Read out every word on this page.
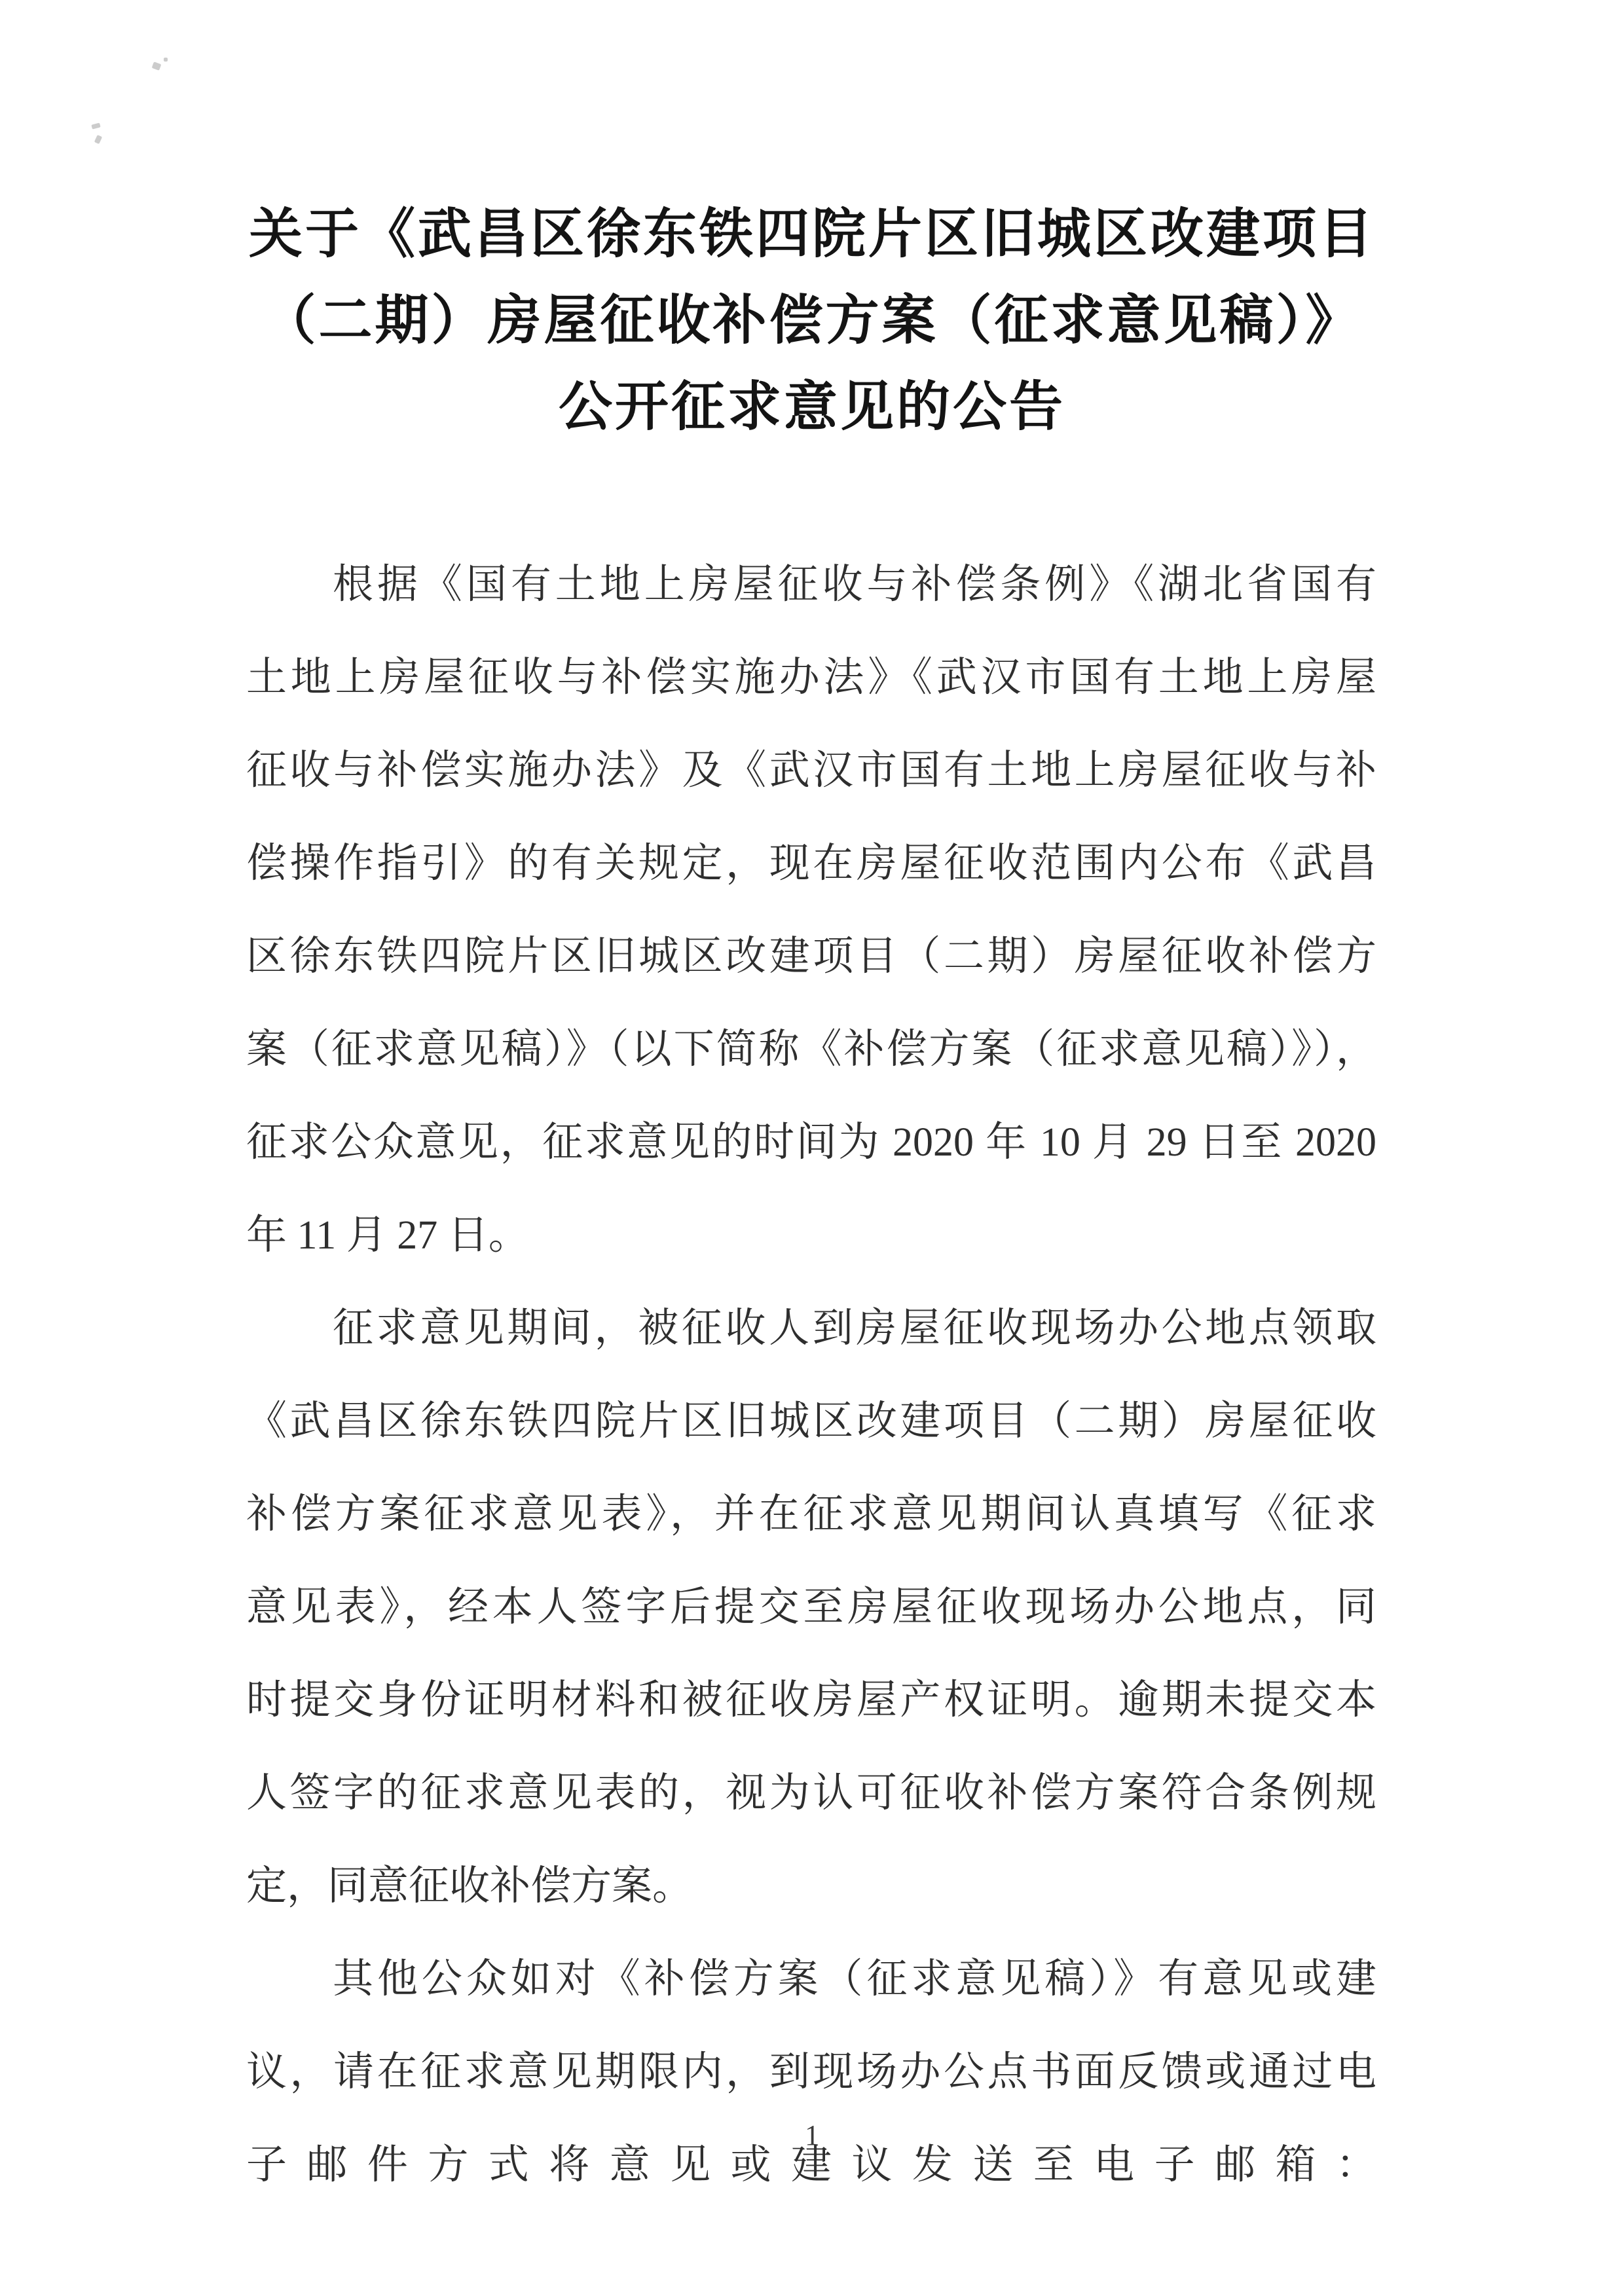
关于《武昌区徐东铁四院片区旧城区改建项目
（二期）房屋征收补偿方案（征求意见稿）》
公开征求意见的公告
根据《国有土地上房屋征收与补偿条例》《湖北省国有
土地上房屋征收与补偿实施办法》《武汉市国有土地上房屋
征收与补偿实施办法》及《武汉市国有土地上房屋征收与补
偿操作指引》的有关规定，现在房屋征收范围内公布《武昌
区徐东铁四院片区旧城区改建项目（二期）房屋征收补偿方
案（征求意见稿）》（以下简称《补偿方案（征求意见稿）》），
征求公众意见，征求意见的时间为 2020 年 10 月 29 日至 2020
年 11 月 27 日。
征求意见期间，被征收人到房屋征收现场办公地点领取
《武昌区徐东铁四院片区旧城区改建项目（二期）房屋征收
补偿方案征求意见表》，并在征求意见期间认真填写《征求
意见表》，经本人签字后提交至房屋征收现场办公地点，同
时提交身份证明材料和被征收房屋产权证明。逾期未提交本
人签字的征求意见表的，视为认可征收补偿方案符合条例规
定，同意征收补偿方案。
其他公众如对《补偿方案（征求意见稿）》有意见或建
议，请在征求意见期限内，到现场办公点书面反馈或通过电
子 邮 件 方 式 将 意 见 或 建 议 发 送 至 电 子 邮 箱 ：
1
